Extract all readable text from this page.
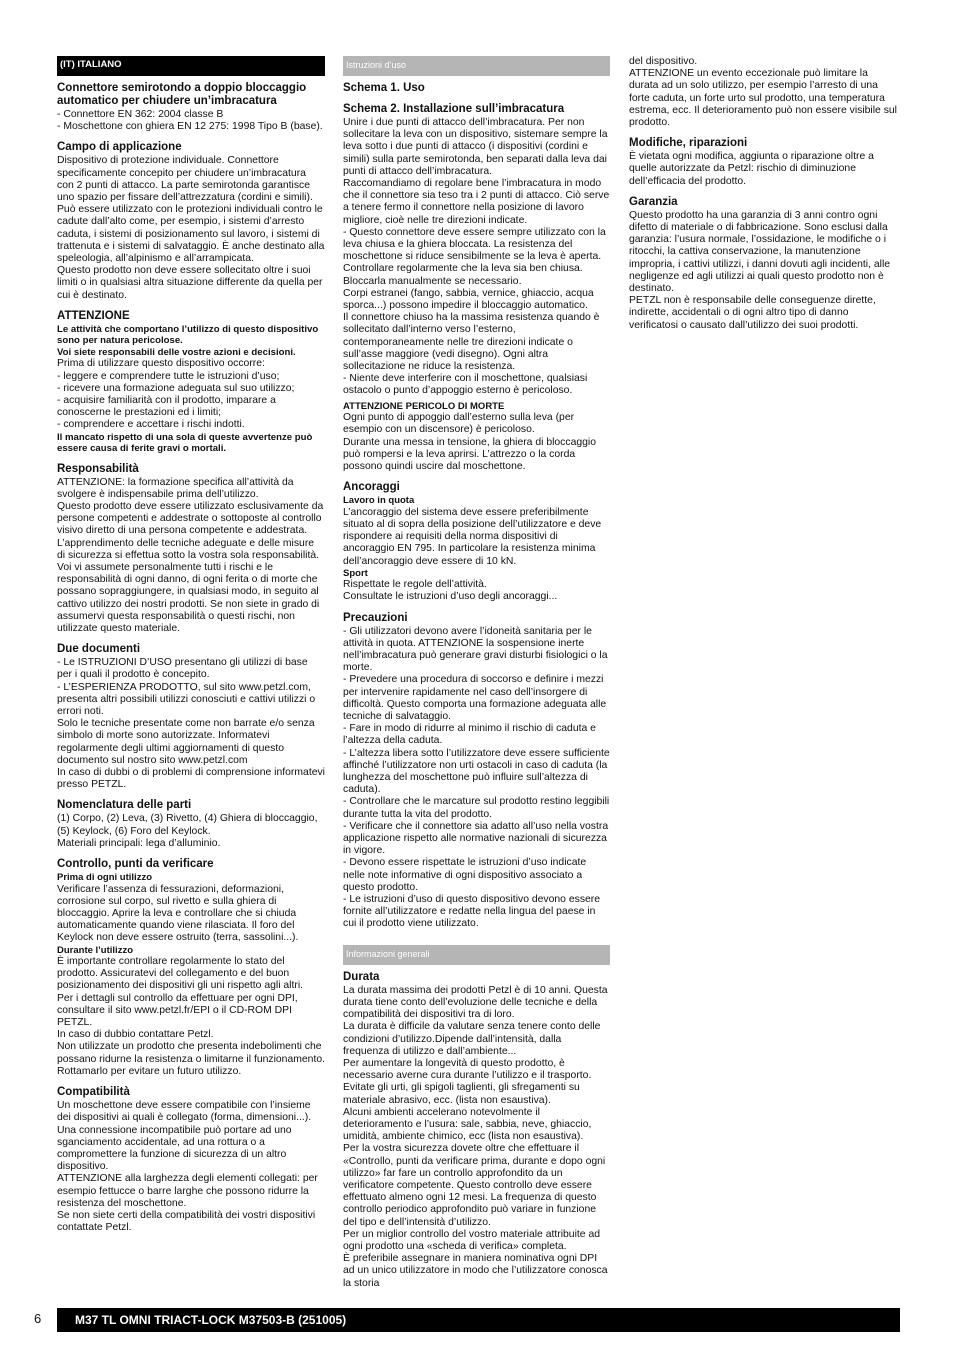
(IT) ITALIANO
Connettore semirotondo a doppio bloccaggio automatico per chiudere un’imbracatura

- Connettore EN 362: 2004 classe B
- Moschettone con ghiera EN 12 275: 1998 Tipo B (base).

Campo di applicazione

Dispositivo di protezione individuale. Connettore specificamente concepito per chiudere un’imbracatura con 2 punti di attacco. La parte semirotonda garantisce uno spazio per fissare dell’attrezzatura (cordini e simili).
Può essere utilizzato con le protezioni individuali contro le cadute dall’alto come, per esempio, i sistemi d’arresto caduta, i sistemi di posizionamento sul lavoro, i sistemi di trattenuta e i sistemi di salvataggio. È anche destinato alla speleologia, all’alpinismo e all’arrampicata.
Questo prodotto non deve essere sollecitato oltre i suoi limiti o in qualsiasi altra situazione differente da quella per cui è destinato.

ATTENZIONE

Le attività che comportano l’utilizzo di questo dispositivo sono per natura pericolose.
Voi siete responsabili delle vostre azioni e decisioni.

Prima di utilizzare questo dispositivo occorre:
- leggere e comprendere tutte le istruzioni d’uso;
- ricevere una formazione adeguata sul suo utilizzo;
- acquisire familiarità con il prodotto, imparare a conoscerne le prestazioni ed i limiti;
- comprendere e accettare i rischi indotti.

Il mancato rispetto di una sola di queste avvertenze può essere causa di ferite gravi o mortali.

Responsabilità

ATTENZIONE: la formazione specifica all’attività da svolgere è indispensabile prima dell’utilizzo.
Questo prodotto deve essere utilizzato esclusivamente da persone competenti e addestrate o sottoposte al controllo visivo diretto di una persona competente e addestrata.
L’apprendimento delle tecniche adeguate e delle misure di sicurezza si effettua sotto la vostra sola responsabilità.
Voi vi assumete personalmente tutti i rischi e le responsabilità di ogni danno, di ogni ferita o di morte che possano sopraggiungere, in qualsiasi modo, in seguito al cattivo utilizzo dei nostri prodotti. Se non siete in grado di assumervi questa responsabilità o questi rischi, non utilizzate questo materiale.

Due documenti

- Le ISTRUZIONI D’USO presentano gli utilizzi di base per i quali il prodotto è concepito.
- L’ESPERIENZA PRODOTTO, sul sito www.petzl.com, presenta altri possibili utilizzi conosciuti e cattivi utilizzi o errori noti.
Solo le tecniche presentate come non barrate e/o senza simbolo di morte sono autorizzate. Informatevi regolarmente degli ultimi aggiornamenti di questo documento sul nostro sito www.petzl.com
In caso di dubbi o di problemi di comprensione informatevi presso PETZL.

Nomenclatura delle parti

(1) Corpo, (2) Leva, (3) Rivetto, (4) Ghiera di bloccaggio, (5) Keylock, (6) Foro del Keylock.
Materiali principali: lega d’alluminio.

Controllo, punti da verificare
Prima di ogni utilizzo

Verificare l’assenza di fessurazioni, deformazioni, corrosione sul corpo, sul rivetto e sulla ghiera di bloccaggio. Aprire la leva e controllare che si chiuda automaticamente quando viene rilasciata. Il foro del Keylock non deve essere ostruito (terra, sassolini...).

Durante l’utilizzo

È importante controllare regolarmente lo stato del prodotto. Assicuratevi del collegamento e del buon posizionamento dei dispositivi gli uni rispetto agli altri.
Per i dettagli sul controllo da effettuare per ogni DPI, consultare il sito www.petzl.fr/EPI o il CD-ROM DPI PETZL.
In caso di dubbio contattare Petzl.
Non utilizzate un prodotto che presenta indebolimenti che possano ridurne la resistenza o limitarne il funzionamento. Rottamarlo per evitare un futuro utilizzo.

Compatibilità

Un moschettone deve essere compatibile con l’insieme dei dispositivi ai quali è collegato (forma, dimensioni...). Una connessione incompatibile può portare ad uno sganciamento accidentale, ad una rottura o a compromettere la funzione di sicurezza di un altro dispositivo.
ATTENZIONE alla larghezza degli elementi collegati: per esempio fettucce o barre larghe che possono ridurre la resistenza del moschettone.
Se non siete certi della compatibilità dei vostri dispositivi contattate Petzl.

Istruzioni d’uso
Schema 1. Uso
Schema 2. Installazione sull’imbracatura

Unire i due punti di attacco dell’imbracatura. Per non sollecitare la leva con un dispositivo, sistemare sempre la leva sotto i due punti di attacco (i dispositivi (cordini e simili) sulla parte semirotonda, ben separati dalla leva dai punti di attacco dell’imbracatura.
Raccomandiamo di regolare bene l’imbracatura in modo che il connettore sia teso tra i 2 punti di attacco. Ciò serve a tenere fermo il connettore nella posizione di lavoro migliore, cioè nelle tre direzioni indicate.
- Questo connettore deve essere sempre utilizzato con la leva chiusa e la ghiera bloccata. La resistenza del moschettone si riduce sensibilmente se la leva è aperta.
Controllare regolarmente che la leva sia ben chiusa. Bloccarla manualmente se necessario.
Corpi estranei (fango, sabbia, vernice, ghiaccio, acqua sporca...) possono impedire il bloccaggio automatico.
Il connettore chiuso ha la massima resistenza quando è sollecitato dall’interno verso l’esterno, contemporaneamente nelle tre direzioni indicate o sull’asse maggiore (vedi disegno). Ogni altra sollecitazione ne riduce la resistenza.
- Niente deve interferire con il moschettone, qualsiasi ostacolo o punto d’appoggio esterno è pericoloso.

ATTENZIONE PERICOLO DI MORTE

Ogni punto di appoggio dall’esterno sulla leva (per esempio con un discensore) è pericoloso.
Durante una messa in tensione, la ghiera di bloccaggio può rompersi e la leva aprirsi. L’attrezzo o la corda possono quindi uscire dal moschettone.

Ancoraggi
Lavoro in quota

L’ancoraggio del sistema deve essere preferibilmente situato al di sopra della posizione dell’utilizzatore e deve rispondere ai requisiti della norma dispositivi di ancoraggio EN 795. In particolare la resistenza minima dell’ancoraggio deve essere di 10 kN.

Sport

Rispettate le regole dell’attività.
Consultate le istruzioni d’uso degli ancoraggi...

Precauzioni

- Gli utilizzatori devono avere l’idoneità sanitaria per le attività in quota. ATTENZIONE la sospensione inerte nell’imbracatura può generare gravi disturbi fisiologici o la morte.
- Prevedere una procedura di soccorso e definire i mezzi per intervenire rapidamente nel caso dell’insorgere di difficoltà. Questo comporta una formazione adeguata alle tecniche di salvataggio.
- Fare in modo di ridurre al minimo il rischio di caduta e l’altezza della caduta.
- L’altezza libera sotto l’utilizzatore deve essere sufficiente affinché l’utilizzatore non urti ostacoli in caso di caduta (la lunghezza del moschettone può influire sull’altezza di caduta).
- Controllare che le marcature sul prodotto restino leggibili durante tutta la vita del prodotto.
- Verificare che il connettore sia adatto all’uso nella vostra applicazione rispetto alle normative nazionali di sicurezza in vigore.
- Devono essere rispettate le istruzioni d’uso indicate nelle note informative di ogni dispositivo associato a questo prodotto.
- Le istruzioni d’uso di questo dispositivo devono essere fornite all’utilizzatore e redatte nella lingua del paese in cui il prodotto viene utilizzato.

Informazioni generali
Durata

La durata massima dei prodotti Petzl è di 10 anni. Questa durata tiene conto dell’evoluzione delle tecniche e della compatibilità dei dispositivi tra di loro.
La durata è difficile da valutare senza tenere conto delle condizioni d’utilizzo.Dipende dall’intensità, dalla frequenza di utilizzo e dall’ambiente...
Per aumentare la longevità di questo prodotto, è necessario averne cura durante l’utilizzo e il trasporto. Evitate gli urti, gli spigoli taglienti, gli sfregamenti su materiale abrasivo, ecc. (lista non esaustiva).
Alcuni ambienti accelerano notevolmente il deterioramento e l’usura: sale, sabbia, neve, ghiaccio, umidità, ambiente chimico, ecc (lista non esaustiva).
Per la vostra sicurezza dovete oltre che effettuare il «Controllo, punti da verificare prima, durante e dopo ogni utilizzo» far fare un controllo approfondito da un verificatore competente. Questo controllo deve essere effettuato almeno ogni 12 mesi. La frequenza di questo controllo periodico approfondito può variare in funzione del tipo e dell’intensità d’utilizzo.
Per un miglior controllo del vostro materiale attribuite ad ogni prodotto una «scheda di verifica» completa.
È preferibile assegnare in maniera nominativa ogni DPI ad un unico utilizzatore in modo che l’utilizzatore conosca la storia

del dispositivo.
ATTENZIONE un evento eccezionale può limitare la durata ad un solo utilizzo, per esempio l’arresto di una forte caduta, un forte urto sul prodotto, una temperatura estrema, ecc. Il deterioramento può non essere visibile sul prodotto.

Modifiche, riparazioni

È vietata ogni modifica, aggiunta o riparazione oltre a quelle autorizzate da Petzl: rischio di diminuzione dell’efficacia del prodotto.

Garanzia

Questo prodotto ha una garanzia di 3 anni contro ogni difetto di materiale o di fabbricazione. Sono esclusi dalla garanzia: l’usura normale, l’ossidazione, le modifiche o i ritocchi, la cattiva conservazione, la manutenzione impropria, i cattivi utilizzi, i danni dovuti agli incidenti, alle negligenze ed agli utilizzi ai quali questo prodotto non è destinato.
PETZL non è responsabile delle conseguenze dirette, indirette, accidentali o di ogni altro tipo di danno verificatosi o causato dall’utilizzo dei suoi prodotti.

6	M37 TL OMNI TRIACT-LOCK M37503-B (251005)
